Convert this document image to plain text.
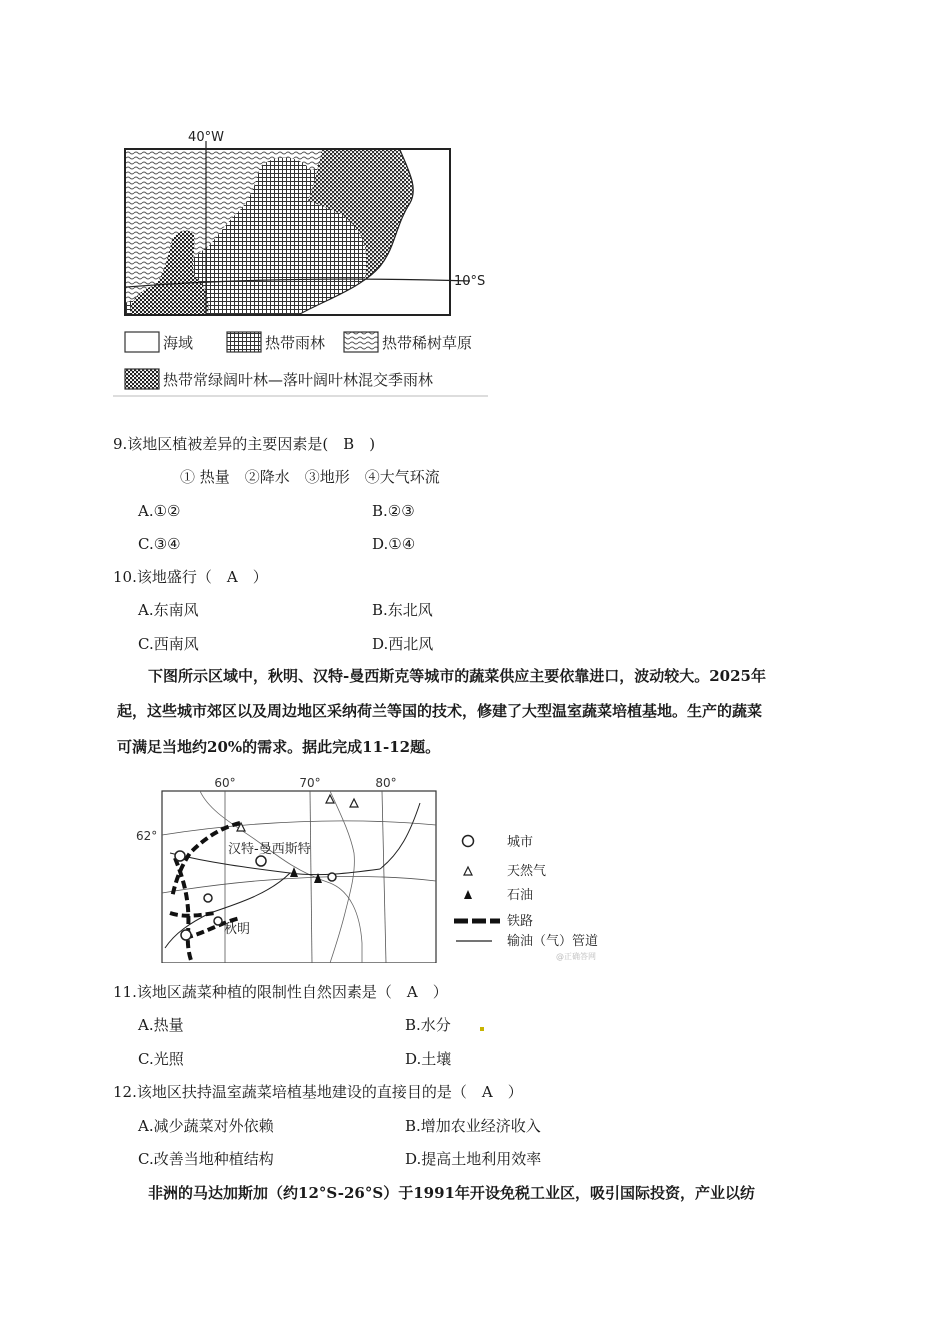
40°W
10°S
海域	热带雨林	热带稀树草原
热带常绿阔叶林—落叶阔叶林混交季雨林
9.该地区植被差异的主要因素是(　B　)
① 热量　②降水　③地形　④大气环流
A.①②	B.②③
C.③④	D.①④
10.该地盛行（　A　）
A.东南风	B.东北风
C.西南风	D.西北风
下图所示区域中，秋明、汉特-曼西斯克等城市的蔬菜供应主要依靠进口，波动较大。2025年
起，这些城市郊区以及周边地区采纳荷兰等国的技术，修建了大型温室蔬菜培植基地。生产的蔬菜
可满足当地约20%的需求。据此完成11-12题。
60°	70°	80°
62°
汉特-曼西斯特
秋明
城市
天然气
石油
铁路
输油（气）管道
@正确答网
11.该地区蔬菜种植的限制性自然因素是（　A　）
A.热量	B.水分
C.光照	D.土壤
12.该地区扶持温室蔬菜培植基地建设的直接目的是（　A　）
A.减少蔬菜对外依赖	B.增加农业经济收入
C.改善当地种植结构	D.提高土地利用效率
非洲的马达加斯加（约12°S-26°S）于1991年开设免税工业区，吸引国际投资，产业以纺
